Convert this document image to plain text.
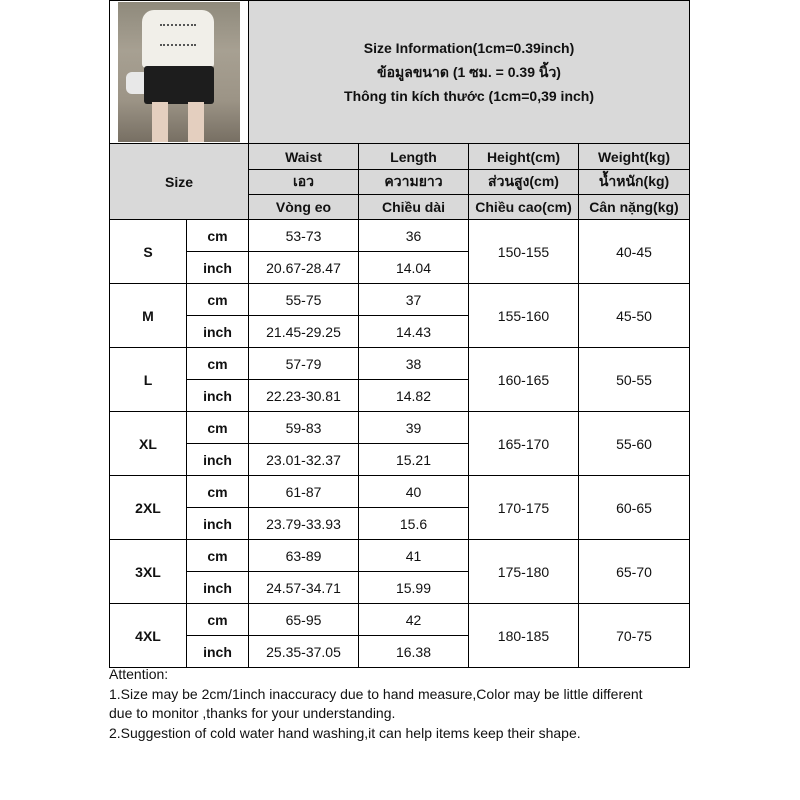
		Size Information(1cm=0.39inch)
ข้อมูลขนาด (1 ซม. = 0.39 นิ้ว)
Thông tin kích thước (1cm=0,39 inch)			

Size		Waist	Length	Height(cm)	Weight(kg)
		เอว	ความยาว	ส่วนสูง(cm)	น้ำหนัก(kg)
		Vòng eo	Chiều dài	Chiều cao(cm)	Cân nặng(kg)
S	cm	53-73	36	150-155	40-45
	inch	20.67-28.47	14.04		
M	cm	55-75	37	155-160	45-50
	inch	21.45-29.25	14.43		
L	cm	57-79	38	160-165	50-55
	inch	22.23-30.81	14.82		
XL	cm	59-83	39	165-170	55-60
	inch	23.01-32.37	15.21		
2XL	cm	61-87	40	170-175	60-65
	inch	23.79-33.93	15.6		
3XL	cm	63-89	41	175-180	65-70
	inch	24.57-34.71	15.99		
4XL	cm	65-95	42	180-185	70-75
	inch	25.35-37.05	16.38		
Attention:
1.Size may be 2cm/1inch inaccuracy due to hand measure,Color may be little different
due to monitor ,thanks for your understanding.
2.Suggestion of cold water hand washing,it can help items keep their shape.
